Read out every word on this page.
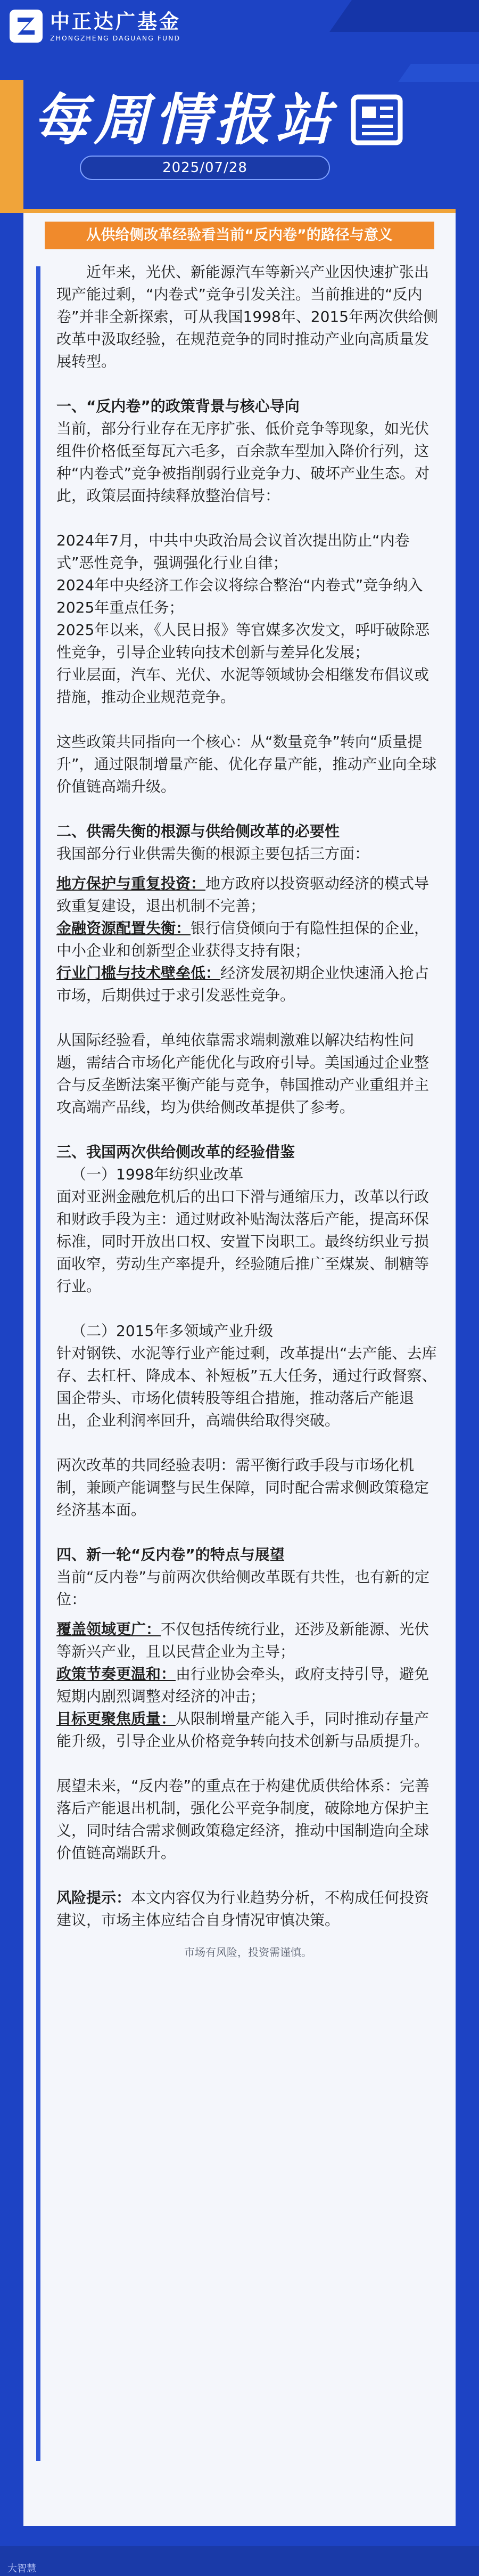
中正达广基金
ZHONGZHENG DAGUANG FUND
每周情报站
2025/07/28
从供给侧改革经验看当前“反内卷”的路径与意义

近年来，光伏、新能源汽车等新兴产业因快速扩张出现产能过剩，“内卷式”竞争引发关注。当前推进的“反内卷”并非全新探索，可从我国1998年、2015年两次供给侧改革中汲取经验，在规范竞争的同时推动产业向高质量发展转型。

一、“反内卷”的政策背景与核心导向

当前，部分行业存在无序扩张、低价竞争等现象，如光伏组件价格低至每瓦六毛多，百余款车型加入降价行列，这种“内卷式”竞争被指削弱行业竞争力、破坏产业生态。对此，政策层面持续释放整治信号：

2024年7月，中共中央政治局会议首次提出防止“内卷式”恶性竞争，强调强化行业自律；

2024年中央经济工作会议将综合整治“内卷式”竞争纳入2025年重点任务；

2025年以来，《人民日报》等官媒多次发文，呼吁破除恶性竞争，引导企业转向技术创新与差异化发展；

行业层面，汽车、光伏、水泥等领域协会相继发布倡议或措施，推动企业规范竞争。

这些政策共同指向一个核心：从“数量竞争”转向“质量提升”，通过限制增量产能、优化存量产能，推动产业向全球价值链高端升级。

二、供需失衡的根源与供给侧改革的必要性

我国部分行业供需失衡的根源主要包括三方面：

地方保护与重复投资：地方政府以投资驱动经济的模式导致重复建设，退出机制不完善；

金融资源配置失衡：银行信贷倾向于有隐性担保的企业，中小企业和创新型企业获得支持有限；

行业门槛与技术壁垒低：经济发展初期企业快速涌入抢占市场，后期供过于求引发恶性竞争。

从国际经验看，单纯依靠需求端刺激难以解决结构性问题，需结合市场化产能优化与政府引导。美国通过企业整合与反垄断法案平衡产能与竞争，韩国推动产业重组并主攻高端产品线，均为供给侧改革提供了参考。

三、我国两次供给侧改革的经验借鉴

（一）1998年纺织业改革

面对亚洲金融危机后的出口下滑与通缩压力，改革以行政和财政手段为主：通过财政补贴淘汰落后产能，提高环保标准，同时开放出口权、安置下岗职工。最终纺织业亏损面收窄，劳动生产率提升，经验随后推广至煤炭、制糖等行业。

（二）2015年多领域产业升级

针对钢铁、水泥等行业产能过剩，改革提出“去产能、去库存、去杠杆、降成本、补短板”五大任务，通过行政督察、国企带头、市场化债转股等组合措施，推动落后产能退出，企业利润率回升，高端供给取得突破。

两次改革的共同经验表明：需平衡行政手段与市场化机制，兼顾产能调整与民生保障，同时配合需求侧政策稳定经济基本面。

四、新一轮“反内卷”的特点与展望

当前“反内卷”与前两次供给侧改革既有共性，也有新的定位：

覆盖领域更广：不仅包括传统行业，还涉及新能源、光伏等新兴产业，且以民营企业为主导；

政策节奏更温和：由行业协会牵头，政府支持引导，避免短期内剧烈调整对经济的冲击；

目标更聚焦质量：从限制增量产能入手，同时推动存量产能升级，引导企业从价格竞争转向技术创新与品质提升。

展望未来，“反内卷”的重点在于构建优质供给体系：完善落后产能退出机制，强化公平竞争制度，破除地方保护主义，同时结合需求侧政策稳定经济，推动中国制造向全球价值链高端跃升。

风险提示：本文内容仅为行业趋势分析，不构成任何投资建议，市场主体应结合自身情况审慎决策。

市场有风险，投资需谨慎。

大智慧
